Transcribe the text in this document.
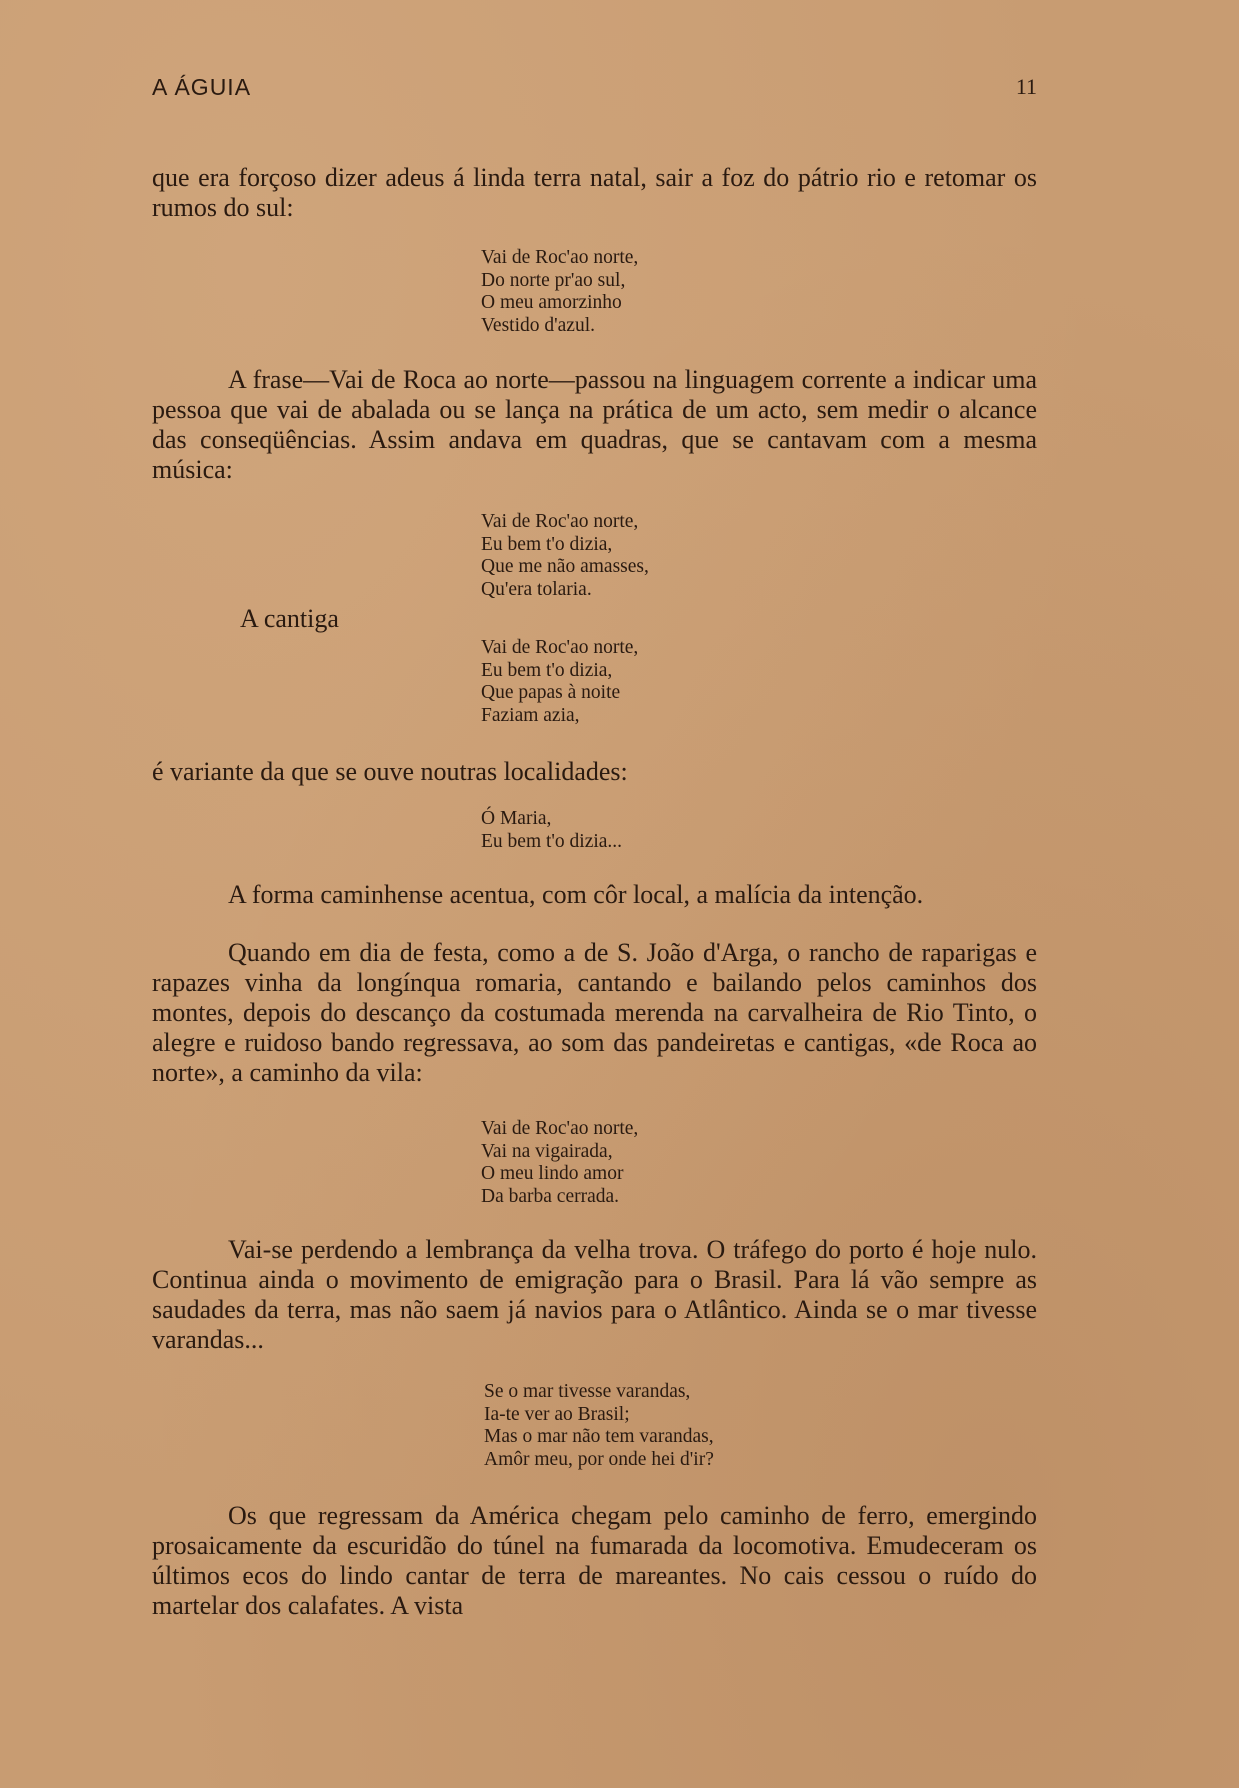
A ÁGUIA	11

que era forçoso dizer adeus á linda terra natal, sair a foz do pátrio rio e retomar os rumos do sul:

Vai de Roc'ao norte,
Do norte pr'ao sul,
O meu amorzinho
Vestido d'azul.

A frase—Vai de Roca ao norte—passou na linguagem corrente a indicar uma pessoa que vai de abalada ou se lança na prática de um acto, sem medir o alcance das conseqüências. Assim andava em quadras, que se cantavam com a mesma música:

Vai de Roc'ao norte,
Eu bem t'o dizia,
Que me não amasses,
Qu'era tolaria.
A cantiga
Vai de Roc'ao norte,
Eu bem t'o dizia,
Que papas à noite
Faziam azia,

é variante da que se ouve noutras localidades:

Ó Maria,
Eu bem t'o dizia...

A forma caminhense acentua, com côr local, a malícia da intenção.

Quando em dia de festa, como a de S. João d'Arga, o rancho de raparigas e rapazes vinha da longínqua romaria, cantando e bailando pelos caminhos dos montes, depois do descanço da costumada merenda na carvalheira de Rio Tinto, o alegre e ruidoso bando regressava, ao som das pandeiretas e cantigas, «de Roca ao norte», a caminho da vila:

Vai de Roc'ao norte,
Vai na vigairada,
O meu lindo amor
Da barba cerrada.

Vai-se perdendo a lembrança da velha trova. O tráfego do porto é hoje nulo. Continua ainda o movimento de emigração para o Brasil. Para lá vão sempre as saudades da terra, mas não saem já navios para o Atlântico. Ainda se o mar tivesse varandas...

Se o mar tivesse varandas,
Ia-te ver ao Brasil;
Mas o mar não tem varandas,
Amôr meu, por onde hei d'ir?

Os que regressam da América chegam pelo caminho de ferro, emergindo prosaicamente da escuridão do túnel na fumarada da locomotiva. Emudeceram os últimos ecos do lindo cantar de terra de mareantes. No cais cessou o ruído do martelar dos calafates. A vista
